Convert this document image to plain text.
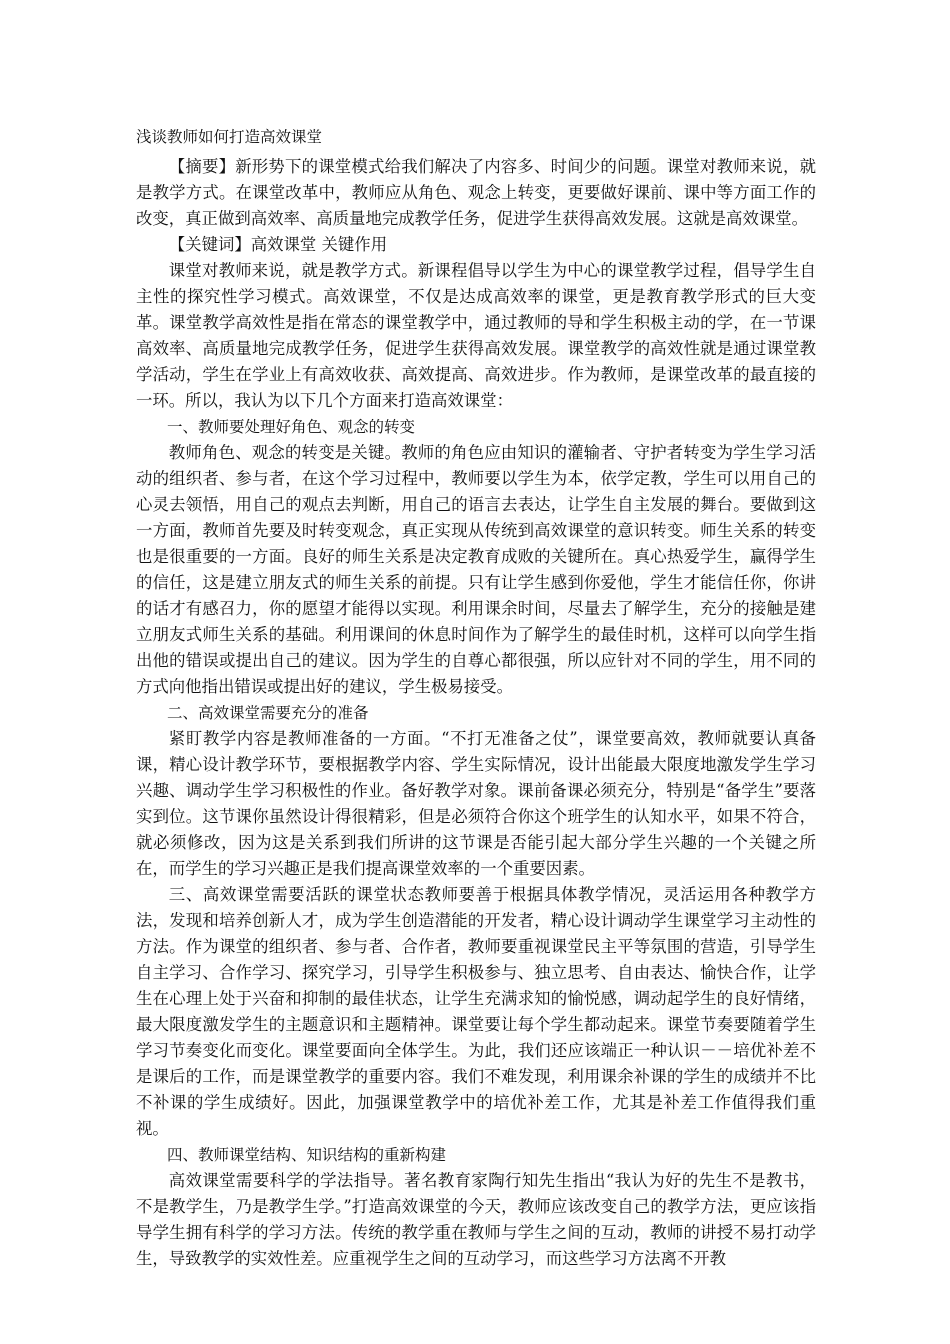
浅谈教师如何打造高效课堂

【摘要】新形势下的课堂模式给我们解决了内容多、时间少的问题。课堂对教师来说，就是教学方式。在课堂改革中，教师应从角色、观念上转变，更要做好课前、课中等方面工作的改变，真正做到高效率、高质量地完成教学任务，促进学生获得高效发展。这就是高效课堂。

【关键词】高效课堂 关键作用

课堂对教师来说，就是教学方式。新课程倡导以学生为中心的课堂教学过程，倡导学生自主性的探究性学习模式。高效课堂，不仅是达成高效率的课堂，更是教育教学形式的巨大变革。课堂教学高效性是指在常态的课堂教学中，通过教师的导和学生积极主动的学，在一节课高效率、高质量地完成教学任务，促进学生获得高效发展。课堂教学的高效性就是通过课堂教学活动，学生在学业上有高效收获、高效提高、高效进步。作为教师，是课堂改革的最直接的一环。所以，我认为以下几个方面来打造高效课堂：

一、教师要处理好角色、观念的转变

教师角色、观念的转变是关键。教师的角色应由知识的灌输者、守护者转变为学生学习活动的组织者、参与者，在这个学习过程中，教师要以学生为本，依学定教，学生可以用自己的心灵去领悟，用自己的观点去判断，用自己的语言去表达，让学生自主发展的舞台。要做到这一方面，教师首先要及时转变观念，真正实现从传统到高效课堂的意识转变。师生关系的转变也是很重要的一方面。良好的师生关系是决定教育成败的关键所在。真心热爱学生，赢得学生的信任，这是建立朋友式的师生关系的前提。只有让学生感到你爱他，学生才能信任你，你讲的话才有感召力，你的愿望才能得以实现。利用课余时间，尽量去了解学生，充分的接触是建立朋友式师生关系的基础。利用课间的休息时间作为了解学生的最佳时机，这样可以向学生指出他的错误或提出自己的建议。因为学生的自尊心都很强，所以应针对不同的学生，用不同的方式向他指出错误或提出好的建议，学生极易接受。

二、高效课堂需要充分的准备

紧盯教学内容是教师准备的一方面。“不打无准备之仗”，课堂要高效，教师就要认真备课，精心设计教学环节，要根据教学内容、学生实际情况，设计出能最大限度地激发学生学习兴趣、调动学生学习积极性的作业。备好教学对象。课前备课必须充分，特别是“备学生”要落实到位。这节课你虽然设计得很精彩，但是必须符合你这个班学生的认知水平，如果不符合，就必须修改，因为这是关系到我们所讲的这节课是否能引起大部分学生兴趣的一个关键之所在，而学生的学习兴趣正是我们提高课堂效率的一个重要因素。

三、高效课堂需要活跃的课堂状态教师要善于根据具体教学情况，灵活运用各种教学方法，发现和培养创新人才，成为学生创造潜能的开发者，精心设计调动学生课堂学习主动性的方法。作为课堂的组织者、参与者、合作者，教师要重视课堂民主平等氛围的营造，引导学生自主学习、合作学习、探究学习，引导学生积极参与、独立思考、自由表达、愉快合作，让学生在心理上处于兴奋和抑制的最佳状态，让学生充满求知的愉悦感，调动起学生的良好情绪，最大限度激发学生的主题意识和主题精神。课堂要让每个学生都动起来。课堂节奏要随着学生学习节奏变化而变化。课堂要面向全体学生。为此，我们还应该端正一种认识－－培优补差不是课后的工作，而是课堂教学的重要内容。我们不难发现，利用课余补课的学生的成绩并不比不补课的学生成绩好。因此，加强课堂教学中的培优补差工作，尤其是补差工作值得我们重视。

四、教师课堂结构、知识结构的重新构建

高效课堂需要科学的学法指导。著名教育家陶行知先生指出“我认为好的先生不是教书，不是教学生，乃是教学生学。”打造高效课堂的今天，教师应该改变自己的教学方法，更应该指导学生拥有科学的学习方法。传统的教学重在教师与学生之间的互动，教师的讲授不易打动学生，导致教学的实效性差。应重视学生之间的互动学习，而这些学习方法离不开教
